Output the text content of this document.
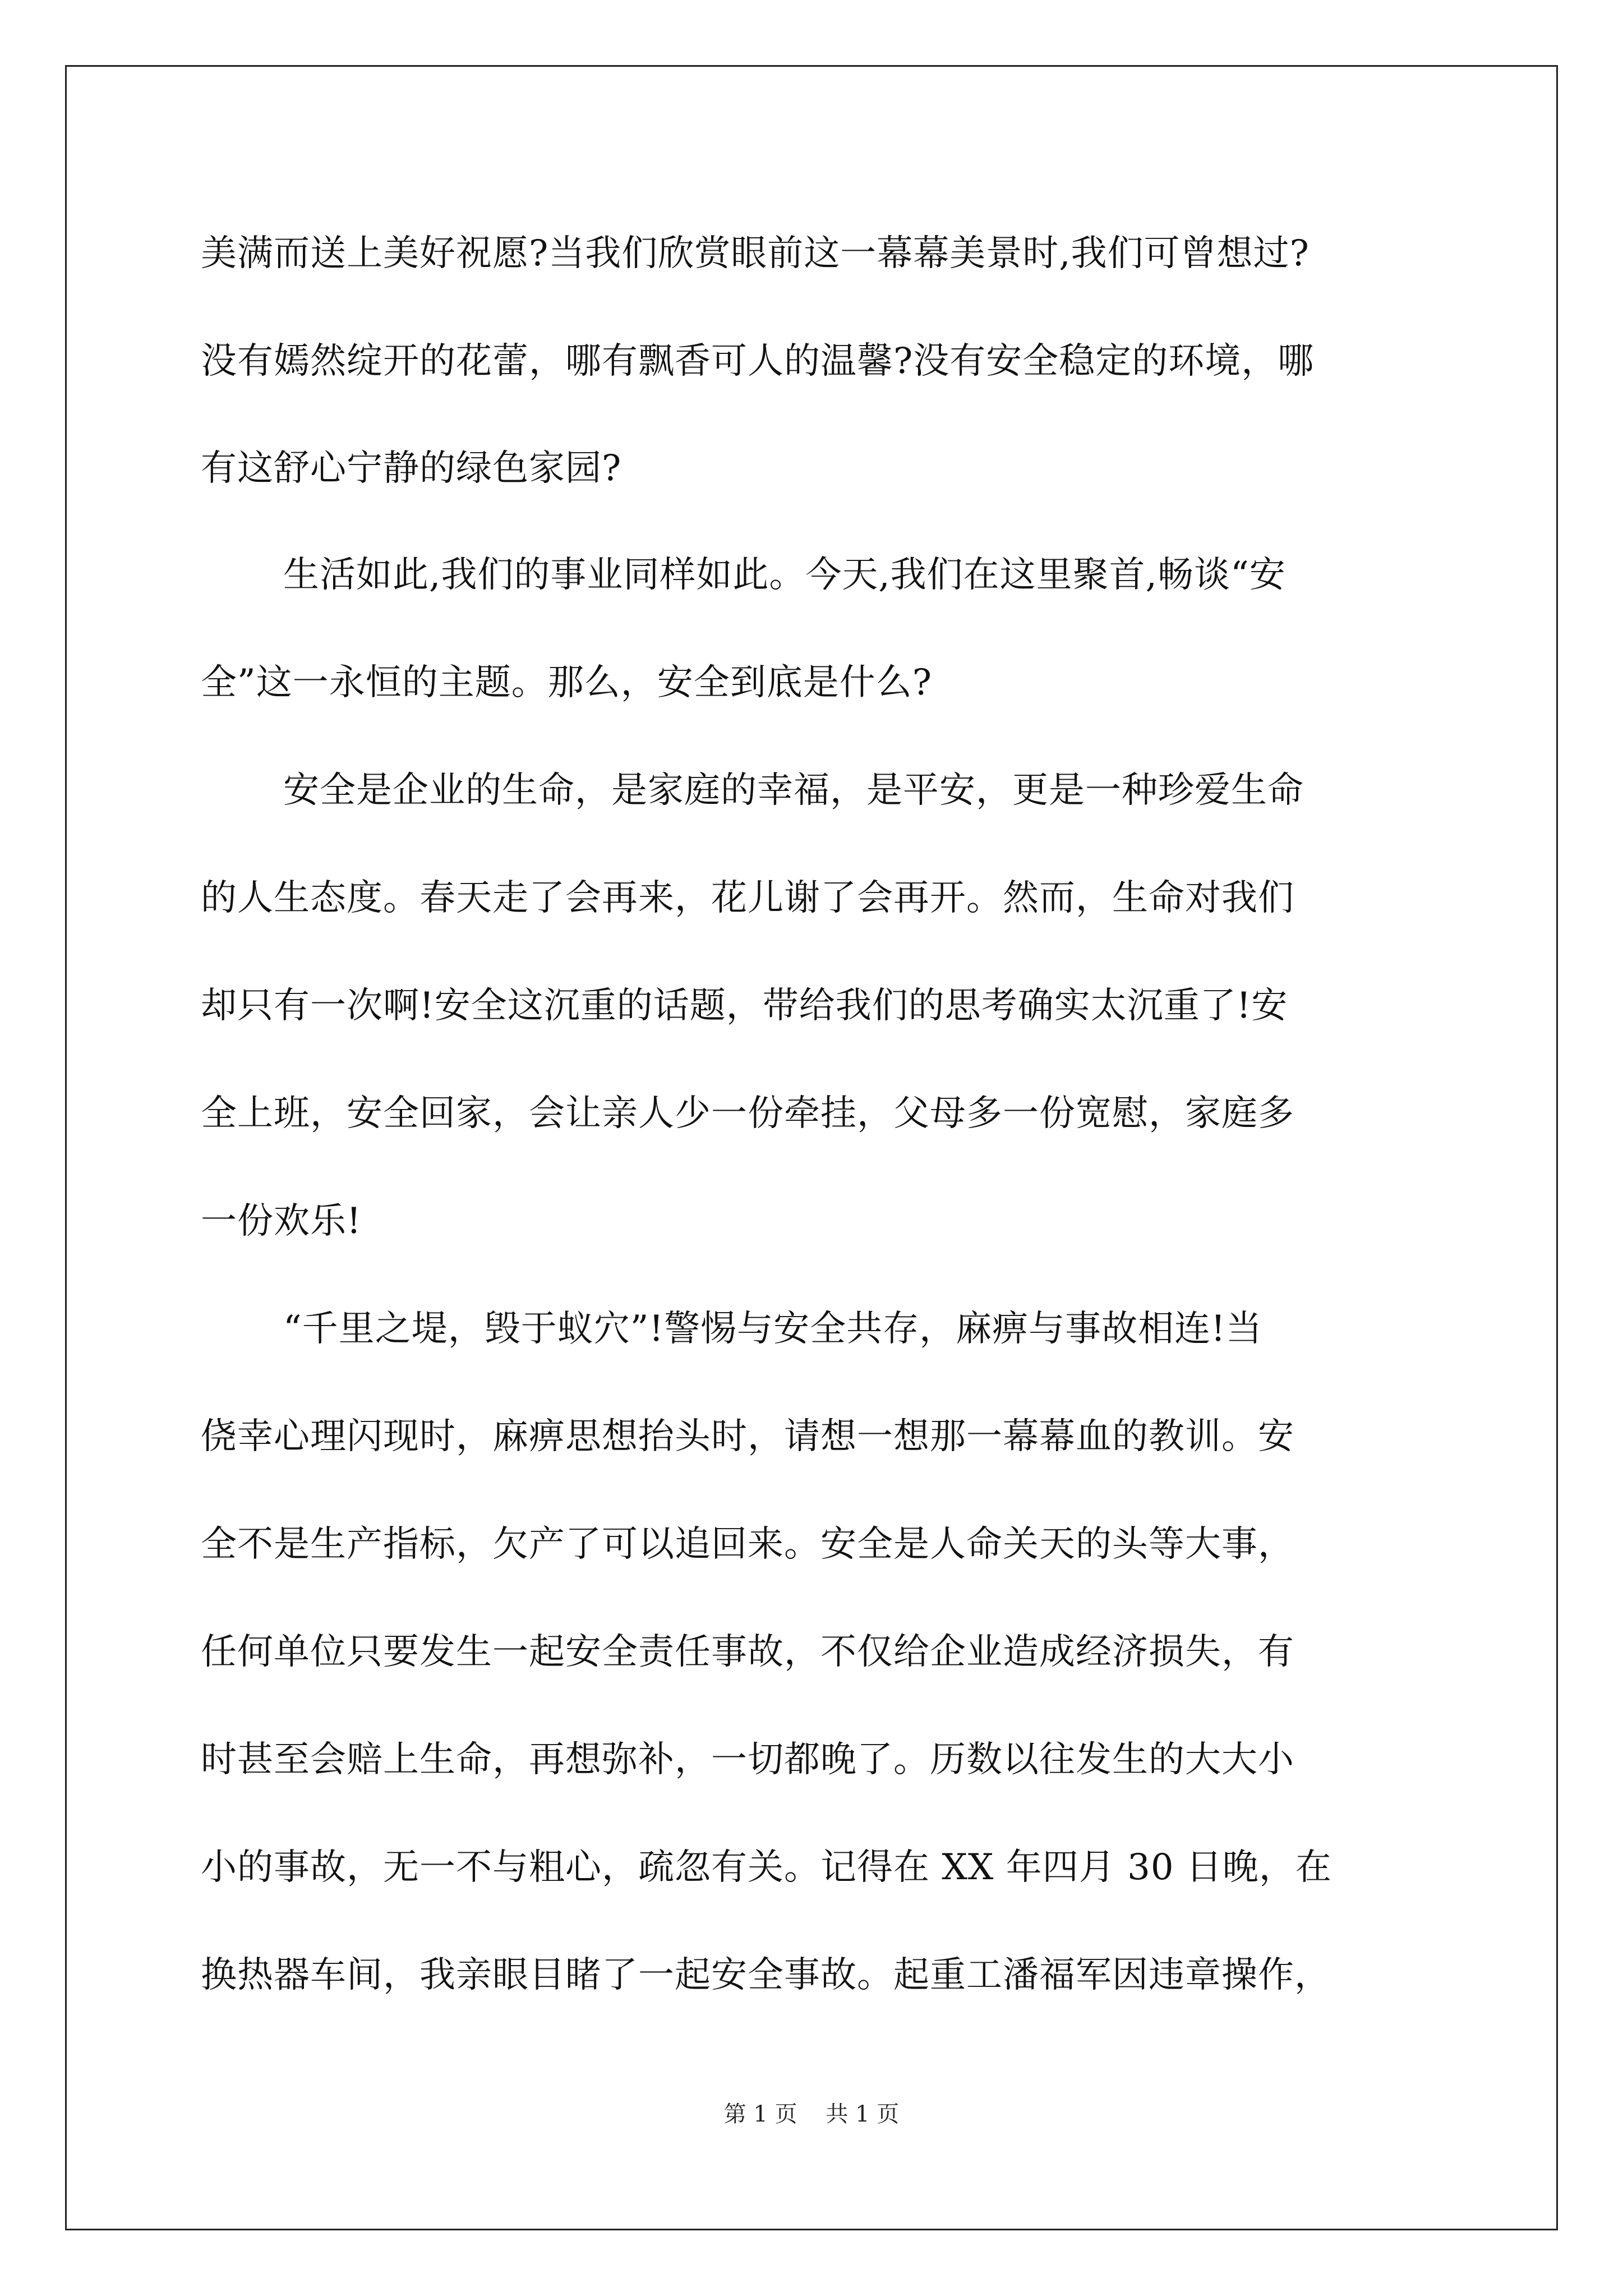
美满而送上美好祝愿?当我们欣赏眼前这一幕幕美景时,我们可曾想过?
没有嫣然绽开的花蕾，哪有飘香可人的温馨?没有安全稳定的环境，哪
有这舒心宁静的绿色家园?
生活如此,我们的事业同样如此。今天,我们在这里聚首,畅谈“安
全”这一永恒的主题。那么，安全到底是什么?
安全是企业的生命，是家庭的幸福，是平安，更是一种珍爱生命
的人生态度。春天走了会再来，花儿谢了会再开。然而，生命对我们
却只有一次啊!安全这沉重的话题，带给我们的思考确实太沉重了!安
全上班，安全回家，会让亲人少一份牵挂，父母多一份宽慰，家庭多
一份欢乐!
“千里之堤，毁于蚁穴”!警惕与安全共存，麻痹与事故相连!当
侥幸心理闪现时，麻痹思想抬头时，请想一想那一幕幕血的教训。安
全不是生产指标，欠产了可以追回来。安全是人命关天的头等大事，
任何单位只要发生一起安全责任事故，不仅给企业造成经济损失，有
时甚至会赔上生命，再想弥补，一切都晚了。历数以往发生的大大小
小的事故，无一不与粗心，疏忽有关。记得在 XX 年四月 30 日晚，在
换热器车间，我亲眼目睹了一起安全事故。起重工潘福军因违章操作，
第 1 页    共 1 页
